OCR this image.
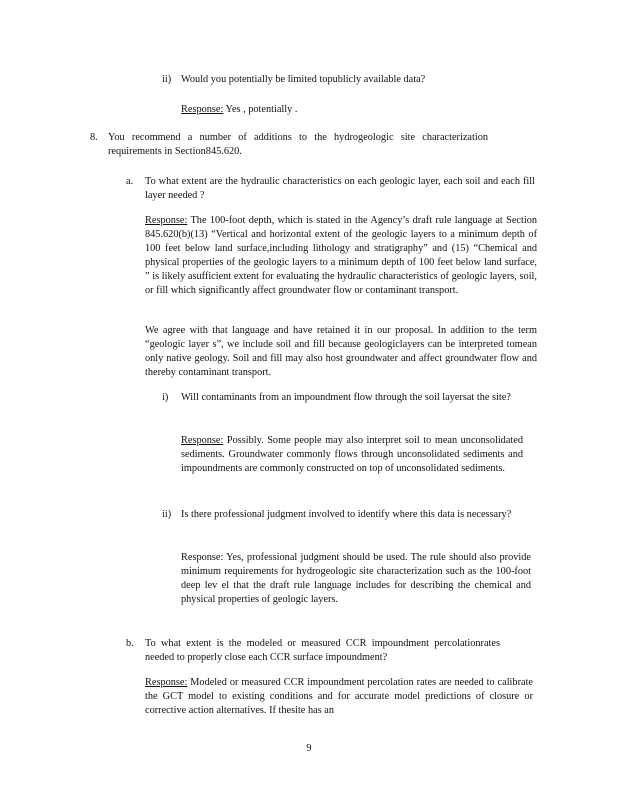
ii) Would you potentially be limited topublicly available data?

Response: Yes , potentially .

8. You recommend a number of additions to the hydrogeologic site characterization requirements in Section845.620.

a. To what extent are the hydraulic characteristics on each geologic layer, each soil and each fill layer needed ?

Response: The 100-foot depth, which is stated in the Agency’s draft rule language at Section 845.620(b)(13) “Vertical and horizontal extent of the geologic layers to a minimum depth of 100 feet below land surface,including lithology and stratigraphy” and (15) “Chemical and physical properties of the geologic layers to a minimum depth of 100 feet below land surface, ” is likely asufficient extent for evaluating the hydraulic characteristics of geologic layers, soil, or fill which significantly affect groundwater flow or contaminant transport.

We agree with that language and have retained it in our proposal. In addition to the term “geologic layer s”, we include soil and fill because geologiclayers can be interpreted tomean only native geology. Soil and fill may also host groundwater and affect groundwater flow and thereby contaminant transport.

i) Will contaminants from an impoundment flow through the soil layersat the site?

Response: Possibly. Some people may also interpret soil to mean unconsolidated sediments. Groundwater commonly flows through unconsolidated sediments and impoundments are commonly constructed on top of unconsolidated sediments.

ii) Is there professional judgment involved to identify where this data is necessary?

Response: Yes, professional judgment should be used. The rule should also provide minimum requirements for hydrogeologic site characterization such as the 100-foot deep lev el that the draft rule language includes for describing the chemical and physical properties of geologic layers.

b. To what extent is the modeled or measured CCR impoundment percolationrates needed to properly close each CCR surface impoundment?

Response: Modeled or measured CCR impoundment percolation rates are needed to calibrate the GCT model to existing conditions and for accurate model predictions of closure or corrective action alternatives. If thesite has an

9
